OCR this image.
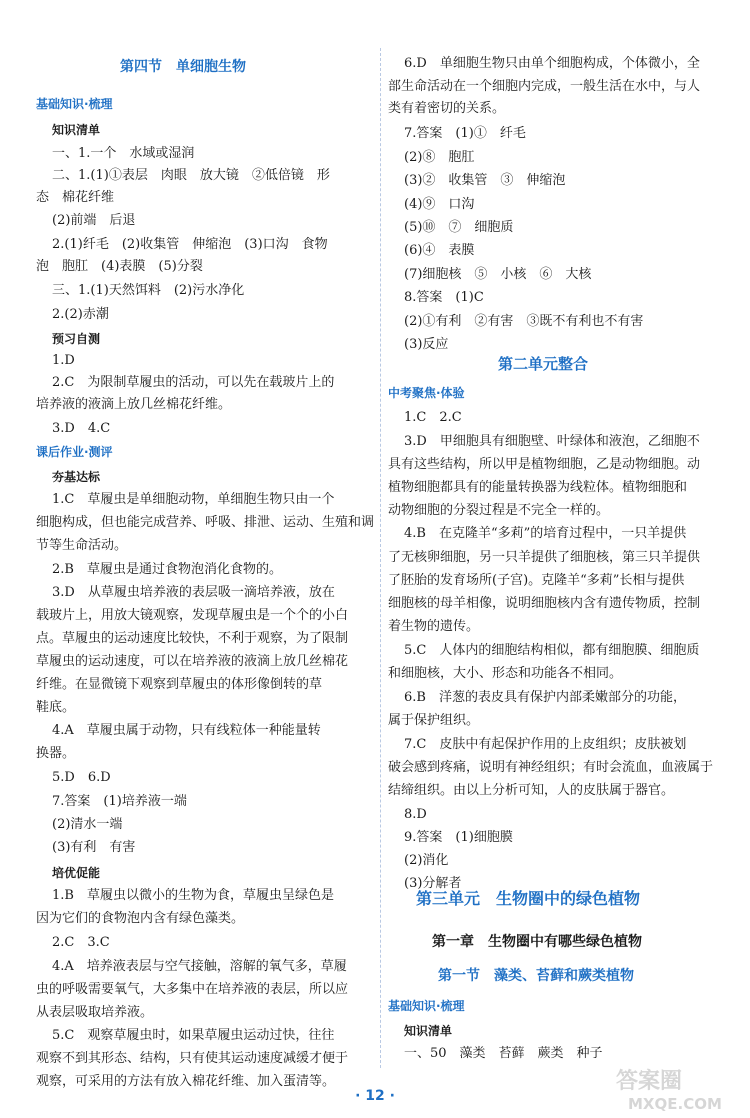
第四节　单细胞生物
基础知识·梳理
知识清单
一、1.一个　水域或湿润
二、1.(1)①表层　肉眼　放大镜　②低倍镜　形
态　棉花纤维
(2)前端　后退
2.(1)纤毛　(2)收集管　伸缩泡　(3)口沟　食物
泡　胞肛　(4)表膜　(5)分裂
三、1.(1)天然饵料　(2)污水净化
2.(2)赤潮
预习自测
1.D
2.C　为限制草履虫的活动，可以先在载玻片上的
培养液的液滴上放几丝棉花纤维。
3.D　4.C
课后作业·测评
夯基达标
1.C　草履虫是单细胞动物，单细胞生物只由一个
细胞构成，但也能完成营养、呼吸、排泄、运动、生殖和调
节等生命活动。
2.B　草履虫是通过食物泡消化食物的。
3.D　从草履虫培养液的表层吸一滴培养液，放在
载玻片上，用放大镜观察，发现草履虫是一个个的小白
点。草履虫的运动速度比较快，不利于观察，为了限制
草履虫的运动速度，可以在培养液的液滴上放几丝棉花
纤维。在显微镜下观察到草履虫的体形像倒转的草
鞋底。
4.A　草履虫属于动物，只有线粒体一种能量转
换器。
5.D　6.D
7.答案　(1)培养液一端
(2)清水一端
(3)有利　有害
培优促能
1.B　草履虫以微小的生物为食，草履虫呈绿色是
因为它们的食物泡内含有绿色藻类。
2.C　3.C
4.A　培养液表层与空气接触，溶解的氧气多，草履
虫的呼吸需要氧气，大多集中在培养液的表层，所以应
从表层吸取培养液。
5.C　观察草履虫时，如果草履虫运动过快，往往
观察不到其形态、结构，只有使其运动速度减缓才便于
观察，可采用的方法有放入棉花纤维、加入蛋清等。
6.D　单细胞生物只由单个细胞构成，个体微小，全
部生命活动在一个细胞内完成，一般生活在水中，与人
类有着密切的关系。
7.答案　(1)①　纤毛
(2)⑧　胞肛
(3)②　收集管　③　伸缩泡
(4)⑨　口沟
(5)⑩　⑦　细胞质
(6)④　表膜
(7)细胞核　⑤　小核　⑥　大核
8.答案　(1)C
(2)①有利　②有害　③既不有利也不有害
(3)反应
第二单元整合
中考聚焦·体验
1.C　2.C
3.D　甲细胞具有细胞壁、叶绿体和液泡，乙细胞不
具有这些结构，所以甲是植物细胞，乙是动物细胞。动
植物细胞都具有的能量转换器为线粒体。植物细胞和
动物细胞的分裂过程是不完全一样的。
4.B　在克隆羊“多莉”的培育过程中，一只羊提供
了无核卵细胞，另一只羊提供了细胞核，第三只羊提供
了胚胎的发育场所(子宫)。克隆羊“多莉”长相与提供
细胞核的母羊相像，说明细胞核内含有遗传物质，控制
着生物的遗传。
5.C　人体内的细胞结构相似，都有细胞膜、细胞质
和细胞核，大小、形态和功能各不相同。
6.B　洋葱的表皮具有保护内部柔嫩部分的功能，
属于保护组织。
7.C　皮肤中有起保护作用的上皮组织；皮肤被划
破会感到疼痛，说明有神经组织；有时会流血，血液属于
结缔组织。由以上分析可知，人的皮肤属于器官。
8.D
9.答案　(1)细胞膜
(2)消化
(3)分解者
第三单元　生物圈中的绿色植物
第一章　生物圈中有哪些绿色植物
第一节　藻类、苔藓和蕨类植物
基础知识·梳理
知识清单
一、50　藻类　苔藓　蕨类　种子
· 12 ·
答案圈
MXQE.COM
